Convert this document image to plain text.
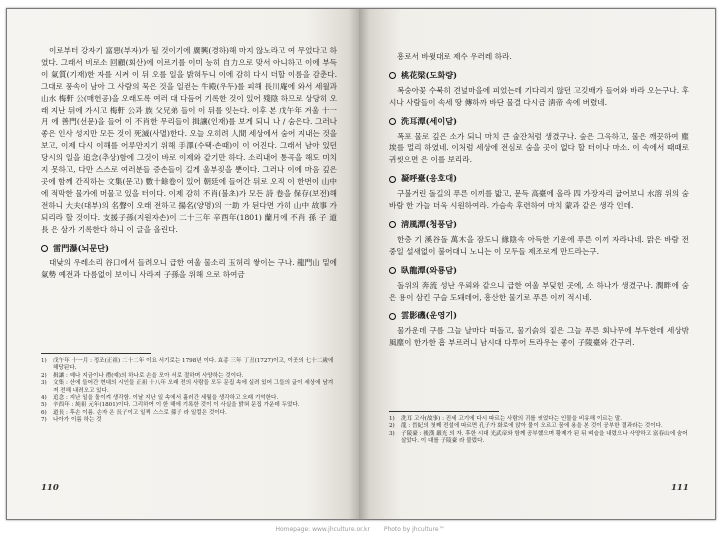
이로부터 강자기 富惡(부자)가 될 것이기에 廣興(경하)해 마지 않노라고 여 무었다고 하였다. 그래서 비로소 回顧(회산)에 이르기를 이미 능히 自力으로 맞서 아니하고 이에 부득이 氣質(기재)한 자를 시켜 이 뒤 오를 일을 밝혀두니 이에 감히 다시 더할 이름을 감춘다. 그대로 풍속이 남아 그 사람의 묵은 것을 일컫는 牛殿(우두)를 피해 長川庵에 와서 세월과 山水 梅軒 公(매헌공)을 오래도록 여러 대 다듬어 기록한 것이 있어 殘陰 하므로 상당히 오래 지난 뒤에 가시고 梅軒 公과 族 父兄弟 들이 이 뒤를 잇는다. 이후 본 戊午年 겨울 十一月 에 善門(선문)을 들어 이 不肖한 무리들이 揖讓(인재)를 보게 되니 나 / 숨은다. 그러나 좋은 인사 성지만 모든 것이 死滅(사멸)한다. 오늘 오히려 人間 세상에서 숨어 지내는 것을 보고, 이제 다시 이해를 어루만지기 위해 手澤(수택·손때)이 이 어진다. 그래서 남아 있던 당시의 일을 追念(추상)함에 그것이 바로 이제와 같기만 하다. 소리내어 통곡을 해도 미치지 못하고, 다만 스스로 여러분들 증손들이 길게 울부짖을 뿐이다. 그러나 이에 마음 깊은 곳에 함께 간직하는 文集(문고) 數十餘卷이 있어 朝廷에 들어간 뒤로 오직 이 한번이 山中에 적막한 물가에 머물고 있을 터이다. 이제 감히 不肖(불초)가 모든 詩 卷을 保存(보전)해 전하니 大夫(대부)의 名聲이 오래 전하고 揚名(양명)의 一助 가 된다면 가히 山中 故事 가 되리라 할 것이다. 支援子孫(지원자손)이 二十三年 辛酉年(1801) 蘭月에 不肖 孫 子 道長 은 삼가 기록한다 하니 이 글을 올린다.

雷門瀑(뇌문단)

대낮의 우레소리 谷口에서 들려오니 급한 여울 물소리 玉허리 쌓이는 구나. 龍門山 밑에 氣勢 예전과 다름없이 보이니 사라져 子孫을 위해 으로 하여금

1)	戊午年 十一月 : 정조(正祖) 二十二年 이요 서기로는 1798년 이다. 효종 三年 丁丑(1727)이고, 이곳의 七十二歲에 해당된다.
2)	揖讓 : 예나 지금이나 禮(예)의 하나로 손을 모아 서로 절하며 사양하는 것이다.
3)	文集 : 산에 들어간 현대의 시인들 正祖 十八年 오래 전의 사람들 모두 문집 속에 실려 있어 그들의 글이 세상에 남겨져 전해 내려오고 있다.
4)	追念 : 지난 일을 돌이켜 생각함. 이날 지난 일 속에서 흘러간 세월을 생각하고 오래 기억한다.
5)	辛酉年 : 純祖 元年(1801)이다. 그리하여 이 한 해에 기록한 것이 이 사실을 밝혀 문집 가운데 두었다.
6)	道長 : 후손 이름. 손자 은 長子이고 일찍 스스로 孫子 라 일컬은 것이다.
7)	나아가 이름 하는 것
110

흥로서 바윗대로 제수 우러레 하라.

桃花梁(도화량)

복숭아꽃 수북히 견넢마을에 피었는데 기다리지 않던 고깃배가 들어와 바라 오는구나. 후시나 사람들이 속세 땅 傳하까 바단 물결 다시금 淸帝 속에 버렸네.

洗耳潭(세이담)

폭포 물로 깊은 소가 되니 마치 큰 술잔처럼 생겼구나. 숲은 그윽하고, 물은 깨끗하여 塵埃를 멀리 하였네. 이처럼 세상에 전심로 숨을 곳이 없다 할 터이나 마소. 이 속에서 때때로 귀씻으면 은 이를 보리라.

凝呼臺(응호대)

구불거린 돌길의 푸른 이끼를 밟고, 문득 高臺에 올라 四 가장자리 굽어보니 水溶 위의 숨바람 한 가늘 더욱 시원하여라. 가슴속 후련하여 마치 蒙과 같은 생각 인데.

淸風潭(청풍담)

한층 기 溪谷돌 萬木을 잠도니 緣陰속 아득한 기운에 푸른 이끼 자라나네. 맑은 바람 전중일 설새없이 불어대니 노니는 이 모두들 제조로게 만드라는구.

臥龍潭(와룡담)

돌위의 奔流 성난 우뢰와 같으니 급한 여울 부딪힌 곳에, 소 하나가 생겼구나. 潤畔에 숨은 용이 삼킨 구슬 도돼데어, 흥산한 물기로 푸른 이끼 적시네.

雲影磯(운영기)

물가운데 구름 그늘 날마다 떠돌고, 물기슭의 짙은 그늘 푸른 회나무에 부두한데 세상밖 風塵이 한가한 흠 부르러니 남시대 다투어 트라우는 좋이 子陵臺와 간구러.

1)	洗耳 고사(故事) : 진세 고기에 다시 따르는 사람의 귀를 씻었다는 인물을 비유해 이르는 말.
2)	龍 : 晉紀의 첫째 전설에 따르면 孔子가 화로에 앉아 물이 오르고 꿈에 용을 본 것이 공부한 결과라는 것이다.
3)	子陵臺 : 後漢 嚴光 의 자. 후한 시대 光武帝와 함께 공부했으며 황제가 된 뒤 벼슬을 내렸으나 사양하고 富春山에 숨어 살았다. 이 대를 子陵臺 라 불렀다.
111
Homepage: www.jhculture.or.kr Photo by jhculture™
